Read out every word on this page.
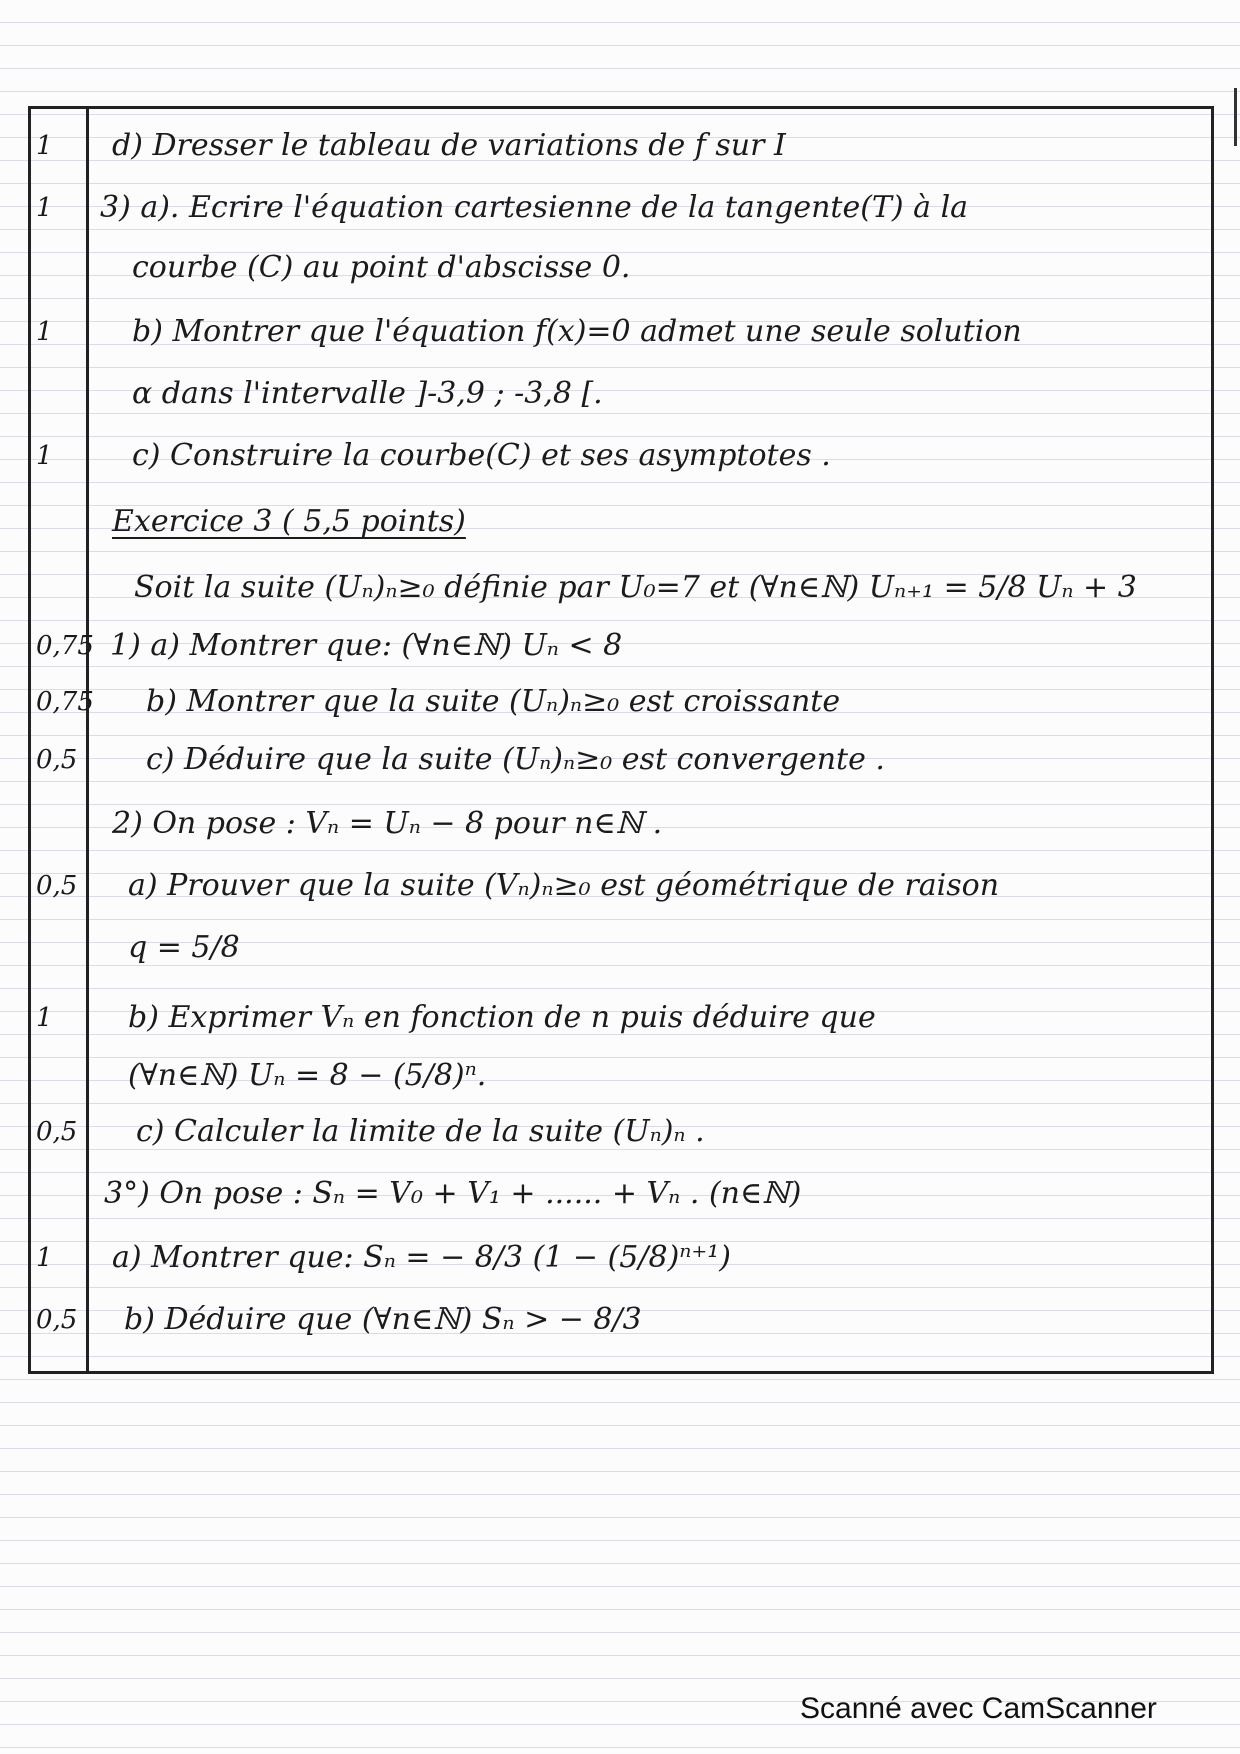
1	d) Dresser le tableau de variations de f sur I
1	3) a). Ecrire l'équation cartesienne de la tangente(T) à la
courbe (C) au point d'abscisse 0.
1	b) Montrer que l'équation f(x)=0 admet une seule solution
α dans l'intervalle ]-3,9 ; -3,8 [.
1	c) Construire la courbe(C) et ses asymptotes .
Exercice 3 ( 5,5 points)
Soit la suite (Uₙ)ₙ≥₀ définie par U₀=7 et (∀n∈ℕ) Uₙ₊₁ = 5/8 Uₙ + 3
0,75 1) a) Montrer que: (∀n∈ℕ) Uₙ < 8
0,75 b) Montrer que la suite (Uₙ)ₙ≥₀ est croissante
0,5	c) Déduire que la suite (Uₙ)ₙ≥₀ est convergente .
2) On pose : Vₙ = Uₙ − 8 pour n∈ℕ .
0,5	a) Prouver que la suite (Vₙ)ₙ≥₀ est géométrique de raison
q = 5/8
1	b) Exprimer Vₙ en fonction de n puis déduire que
(∀n∈ℕ) Uₙ = 8 − (5/8)ⁿ.
0,5	c) Calculer la limite de la suite (Uₙ)ₙ .
3°) On pose : Sₙ = V₀ + V₁ + ...... + Vₙ . (n∈ℕ)
1	a) Montrer que: Sₙ = − 8/3 (1 − (5/8)ⁿ⁺¹)
0,5	b) Déduire que (∀n∈ℕ) Sₙ > − 8/3
Scanné avec CamScanner
